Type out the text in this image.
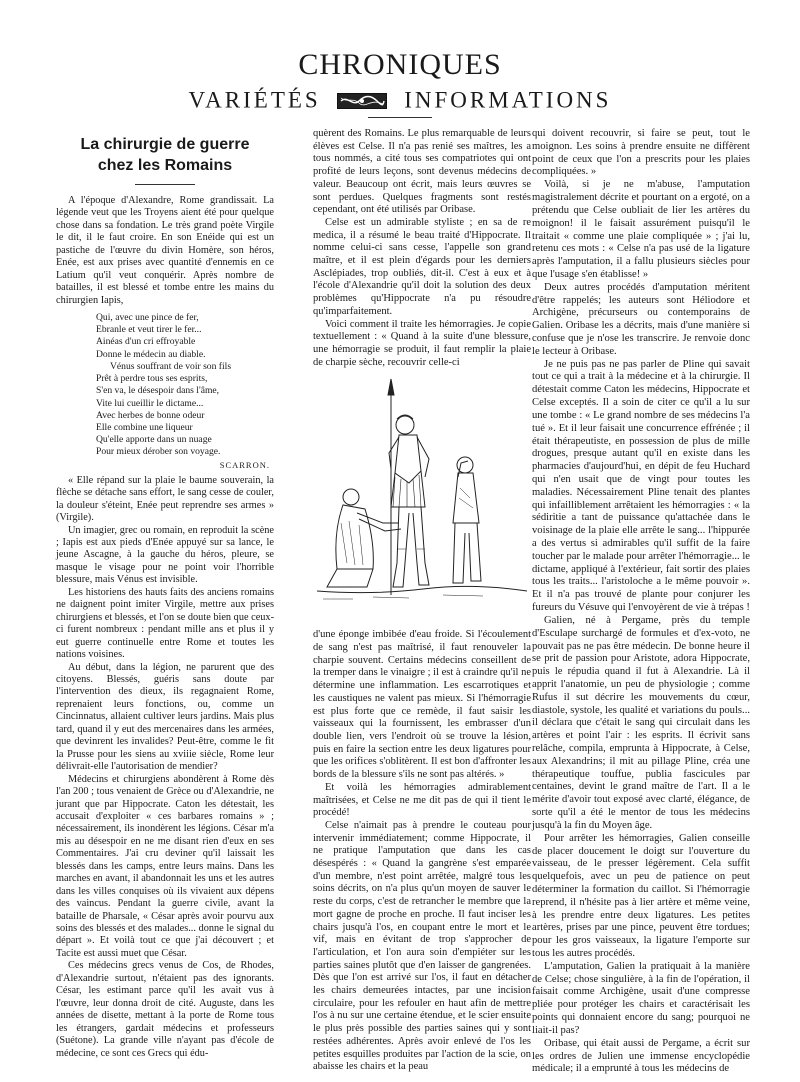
CHRONIQUES
VARIÉTÉS	INFORMATIONS
La chirurgie de guerre
chez les Romains

A l'époque d'Alexandre, Rome grandissait. La légende veut que les Troyens aient été pour quelque chose dans sa fondation. Le très grand poète Virgile le dit, il le faut croire. En son Enéide qui est un pastiche de l'œuvre du divin Homère, son héros, Enée, est aux prises avec quantité d'ennemis en ce Latium qu'il veut conquérir. Après nombre de batailles, il est blessé et tombe entre les mains du chirurgien Iapis,

Qui, avec une pince de fer,
Ebranle et veut tirer le fer...
Ainéas d'un cri effroyable
Donne le médecin au diable.
Vénus souffrant de voir son fils
Prêt à perdre tous ses esprits,
S'en va, le désespoir dans l'âme,
Vite lui cueillir le dictame...
Avec herbes de bonne odeur
Elle combine une liqueur
Qu'elle apporte dans un nuage
Pour mieux dérober son voyage.
SCARRON.

« Elle répand sur la plaie le baume souverain, la flèche se détache sans effort, le sang cesse de couler, la douleur s'éteint, Enée peut reprendre ses armes » (Virgile).

Un imagier, grec ou romain, en reproduit la scène ; Iapis est aux pieds d'Enée appuyé sur sa lance, le jeune Ascagne, à la gauche du héros, pleure, se masque le visage pour ne point voir l'horrible blessure, mais Vénus est invisible.

Les historiens des hauts faits des anciens romains ne daignent point imiter Virgile, mettre aux prises chirurgiens et blessés, et l'on se doute bien que ceux-ci furent nombreux : pendant mille ans et plus il y eut guerre continuelle entre Rome et toutes les nations voisines.

Au début, dans la légion, ne parurent que des citoyens. Blessés, guéris sans doute par l'intervention des dieux, ils regagnaient Rome, reprenaient leurs fonctions, ou, comme un Cincinnatus, allaient cultiver leurs jardins. Mais plus tard, quand il y eut des mercenaires dans les armées, que devinrent les invalides? Peut-être, comme le fit la Prusse pour les siens au xviiie siècle, Rome leur délivrait-elle l'autorisation de mendier?

Médecins et chirurgiens abondèrent à Rome dès l'an 200 ; tous venaient de Grèce ou d'Alexandrie, ne jurant que par Hippocrate. Caton les détestait, les accusait d'exploiter « ces barbares romains » ; nécessairement, ils inondèrent les légions. César m'a mis au désespoir en ne me disant rien d'eux en ses Commentaires. J'ai cru deviner qu'il laissait les blessés dans les camps, entre leurs mains. Dans les marches en avant, il abandonnait les uns et les autres dans les villes conquises où ils vivaient aux dépens des vaincus. Pendant la guerre civile, avant la bataille de Pharsale, « César après avoir pourvu aux soins des blessés et des malades... donne le signal du départ ». Et voilà tout ce que j'ai découvert ; et Tacite est aussi muet que César.

Ces médecins grecs venus de Cos, de Rhodes, d'Alexandrie surtout, n'étaient pas des ignorants. César, les estimant parce qu'il les avait vus à l'œuvre, leur donna droit de cité. Auguste, dans les années de disette, mettant à la porte de Rome tous les étrangers, gardait médecins et professeurs (Suétone). La grande ville n'ayant pas d'école de médecine, ce sont ces Grecs qui édu-

quèrent des Romains. Le plus remarquable de leurs élèves est Celse. Il n'a pas renié ses maîtres, les a tous nommés, a cité tous ses compatriotes qui ont profité de leurs leçons, sont devenus médecins de valeur. Beaucoup ont écrit, mais leurs œuvres se sont perdues. Quelques fragments sont restés cependant, ont été utilisés par Oribase.

Celse est un admirable styliste ; en sa de re medica, il a résumé le beau traité d'Hippocrate. Il nomme celui-ci sans cesse, l'appelle son grand maître, et il est plein d'égards pour les derniers Asclépiades, trop oubliés, dit-il. C'est à eux et à l'école d'Alexandrie qu'il doit la solution des deux problèmes qu'Hippocrate n'a pu résoudre qu'imparfaitement.

Voici comment il traite les hémorragies. Je copie textuellement : « Quand à la suite d'une blessure, une hémorragie se produit, il faut remplir la plaie de charpie sèche, recouvrir celle-ci

d'une éponge imbibée d'eau froide. Si l'écoulement de sang n'est pas maîtrisé, il faut renouveler la charpie souvent. Certains médecins conseillent de la tremper dans le vinaigre ; il est à craindre qu'il ne détermine une inflammation. Les escarrotiques et les caustiques ne valent pas mieux. Si l'hémorragie est plus forte que ce remède, il faut saisir les vaisseaux qui la fournissent, les embrasser d'un double lien, vers l'endroit où se trouve la lésion, puis en faire la section entre les deux ligatures pour que les orifices s'oblitèrent. Il est bon d'affronter les bords de la blessure s'ils ne sont pas altérés. »

Et voilà les hémorragies admirablement maîtrisées, et Celse ne me dit pas de qui il tient le procédé!

Celse n'aimait pas à prendre le couteau pour intervenir immédiatement; comme Hippocrate, il ne pratique l'amputation que dans les cas désespérés : « Quand la gangrène s'est emparée d'un membre, n'est point arrêtée, malgré tous les soins décrits, on n'a plus qu'un moyen de sauver le reste du corps, c'est de retrancher le membre que la mort gagne de proche en proche. Il faut inciser les chairs jusqu'à l'os, en coupant entre le mort et le vif, mais en évitant de trop s'approcher de l'articulation, et l'on aura soin d'empiéter sur les parties saines plutôt que d'en laisser de gangrenées. Dès que l'on est arrivé sur l'os, il faut en détacher les chairs demeurées intactes, par une incision circulaire, pour les refouler en haut afin de mettre l'os à nu sur une certaine étendue, et le scier ensuite le plus près possible des parties saines qui y sont restées adhérentes. Après avoir enlevé de l'os les petites esquilles produites par l'action de la scie, on abaisse les chairs et la peau

qui doivent recouvrir, si faire se peut, tout le moignon. Les soins à prendre ensuite ne diffèrent point de ceux que l'on a prescrits pour les plaies compliquées. »

Voilà, si je ne m'abuse, l'amputation magistralement décrite et pourtant on a ergoté, on a prétendu que Celse oubliait de lier les artères du moignon! il le faisait assurément puisqu'il le traitait « comme une plaie compliquée » ; j'ai lu, retenu ces mots : « Celse n'a pas usé de la ligature après l'amputation, il a fallu plusieurs siècles pour que l'usage s'en établisse! »

Deux autres procédés d'amputation méritent d'être rappelés; les auteurs sont Héliodore et Archigène, précurseurs ou contemporains de Galien. Oribase les a décrits, mais d'une manière si confuse que je n'ose les transcrire. Je renvoie donc le lecteur à Oribase.

Je ne puis pas ne pas parler de Pline qui savait tout ce qui a trait à la médecine et à la chirurgie. Il détestait comme Caton les médecins, Hippocrate et Celse exceptés. Il a soin de citer ce qu'il a lu sur une tombe : « Le grand nombre de ses médecins l'a tué ». Et il leur faisait une concurrence effrénée ; il était thérapeutiste, en possession de plus de mille drogues, presque autant qu'il en existe dans les pharmacies d'aujourd'hui, en dépit de feu Huchard qui n'en usait que de vingt pour toutes les maladies. Nécessairement Pline tenait des plantes qui infailliblement arrêtaient les hémorragies : « la sédiritie a tant de puissance qu'attachée dans le voisinage de la plaie elle arrête le sang... l'hippurée a des vertus si admirables qu'il suffit de la faire toucher par le malade pour arrêter l'hémorragie... le dictame, appliqué à l'extérieur, fait sortir des plaies tous les traits... l'aristoloche a le même pouvoir ». Et il n'a pas trouvé de plante pour conjurer les fureurs du Vésuve qui l'envoyèrent de vie à trépas !

Galien, né à Pergame, près du temple d'Esculape surchargé de formules et d'ex-voto, ne pouvait pas ne pas être médecin. De bonne heure il se prit de passion pour Aristote, adora Hippocrate, puis le répudia quand il fut à Alexandrie. Là il apprit l'anatomie, un peu de physiologie ; comme Rufus il sut décrire les mouvements du cœur, diastole, systole, les qualité et variations du pouls... il déclara que c'était le sang qui circulait dans les artères et point l'air : les esprits. Il écrivit sans relâche, compila, emprunta à Hippocrate, à Celse, aux Alexandrins; il mit au pillage Pline, créa une thérapeutique touffue, publia fascicules par centaines, devint le grand maître de l'art. Il a le mérite d'avoir tout exposé avec clarté, élégance, de sorte qu'il a été le mentor de tous les médecins jusqu'à la fin du Moyen âge.

Pour arrêter les hémorragies, Galien conseille de placer doucement le doigt sur l'ouverture du vaisseau, de le presser légèrement. Cela suffit quelquefois, avec un peu de patience on peut déterminer la formation du caillot. Si l'hémorragie reprend, il n'hésite pas à lier artère et même veine, à les prendre entre deux ligatures. Les petites artères, prises par une pince, peuvent être tordues; pour les gros vaisseaux, la ligature l'emporte sur tous les autres procédés.

L'amputation, Galien la pratiquait à la manière de Celse; chose singulière, à la fin de l'opération, il faisait comme Archigène, usait d'une compresse pliée pour protéger les chairs et caractérisait les points qui donnaient encore du sang; pourquoi ne liait-il pas?

Oribase, qui était aussi de Pergame, a écrit sur les ordres de Julien une immense encyclopédie médicale; il a emprunté à tous les médecins de
